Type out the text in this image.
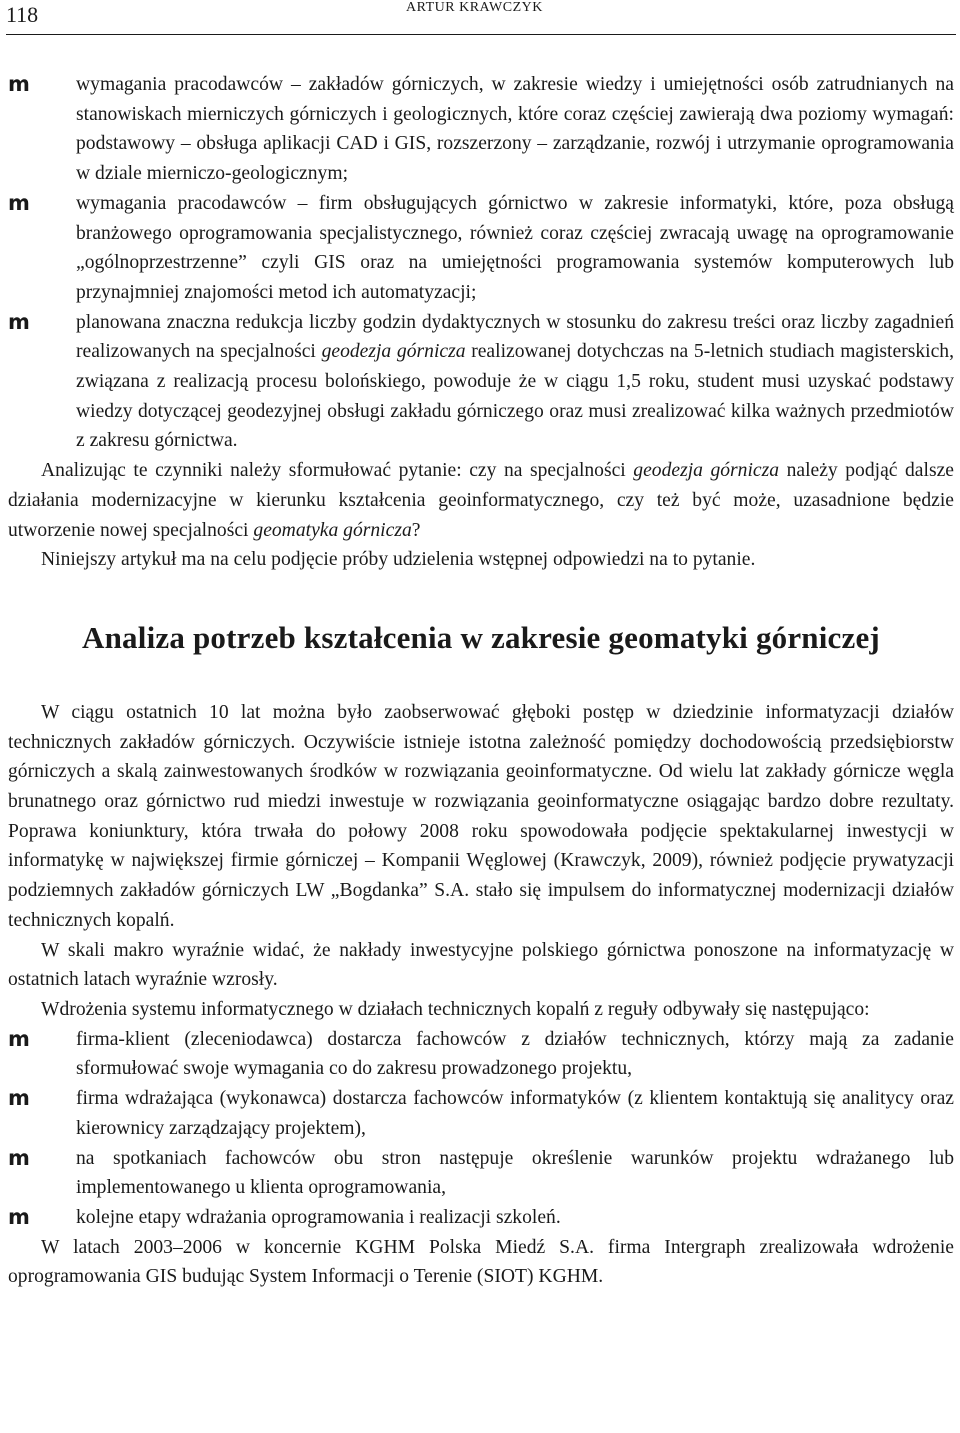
118	ARTUR KRAWCZYK
m wymagania pracodawców – zakładów górniczych, w zakresie wiedzy i umiejętności osób zatrudnianych na stanowiskach mierniczych górniczych i geologicznych, które coraz częściej zawierają dwa poziomy wymagań: podstawowy – obsługa aplikacji CAD i GIS, rozszerzony – zarządzanie, rozwój i utrzymanie oprogramowania w dziale mierniczo-geologicznym;
m wymagania pracodawców – firm obsługujących górnictwo w zakresie informatyki, które, poza obsługą branżowego oprogramowania specjalistycznego, również coraz częściej zwracają uwagę na oprogramowanie „ogólnoprzestrzenne” czyli GIS oraz na umiejętności programowania systemów komputerowych lub przynajmniej znajomości metod ich automatyzacji;
m planowana znaczna redukcja liczby godzin dydaktycznych w stosunku do zakresu treści oraz liczby zagadnień realizowanych na specjalności geodezja górnicza realizowanej dotychczas na 5-letnich studiach magisterskich, związana z realizacją procesu bolońskiego, powoduje że w ciągu 1,5 roku, student musi uzyskać podstawy wiedzy dotyczącej geodezyjnej obsługi zakładu górniczego oraz musi zrealizować kilka ważnych przedmiotów z zakresu górnictwa.

Analizując te czynniki należy sformułować pytanie: czy na specjalności geodezja górnicza należy podjąć dalsze działania modernizacyjne w kierunku kształcenia geoinformatycznego, czy też być może, uzasadnione będzie utworzenie nowej specjalności geomatyka górnicza?

Niniejszy artykuł ma na celu podjęcie próby udzielenia wstępnej odpowiedzi na to pytanie.

Analiza potrzeb kształcenia w zakresie geomatyki górniczej

W ciągu ostatnich 10 lat można było zaobserwować głęboki postęp w dziedzinie informatyzacji działów technicznych zakładów górniczych. Oczywiście istnieje istotna zależność pomiędzy dochodowością przedsiębiorstw górniczych a skalą zainwestowanych środków w rozwiązania geoinformatyczne. Od wielu lat zakłady górnicze węgla brunatnego oraz górnictwo rud miedzi inwestuje w rozwiązania geoinformatyczne osiągając bardzo dobre rezultaty. Poprawa koniunktury, która trwała do połowy 2008 roku spowodowała podjęcie spektakularnej inwestycji w informatykę w największej firmie górniczej – Kompanii Węglowej (Krawczyk, 2009), również podjęcie prywatyzacji podziemnych zakładów górniczych LW „Bogdanka” S.A. stało się impulsem do informatycznej modernizacji działów technicznych kopalń.

W skali makro wyraźnie widać, że nakłady inwestycyjne polskiego górnictwa ponoszone na informatyzację w ostatnich latach wyraźnie wzrosły.

Wdrożenia systemu informatycznego w działach technicznych kopalń z reguły odbywały się następująco:

m firma-klient (zleceniodawca) dostarcza fachowców z działów technicznych, którzy mają za zadanie sformułować swoje wymagania co do zakresu prowadzonego projektu,
m firma wdrażająca (wykonawca) dostarcza fachowców informatyków (z klientem kontaktują się analitycy oraz kierownicy zarządzający projektem),
m na spotkaniach fachowców obu stron następuje określenie warunków projektu wdrażanego lub implementowanego u klienta oprogramowania,
m kolejne etapy wdrażania oprogramowania i realizacji szkoleń.

W latach 2003–2006 w koncernie KGHM Polska Miedź S.A. firma Intergraph zrealizowała wdrożenie oprogramowania GIS budując System Informacji o Terenie (SIOT) KGHM.
